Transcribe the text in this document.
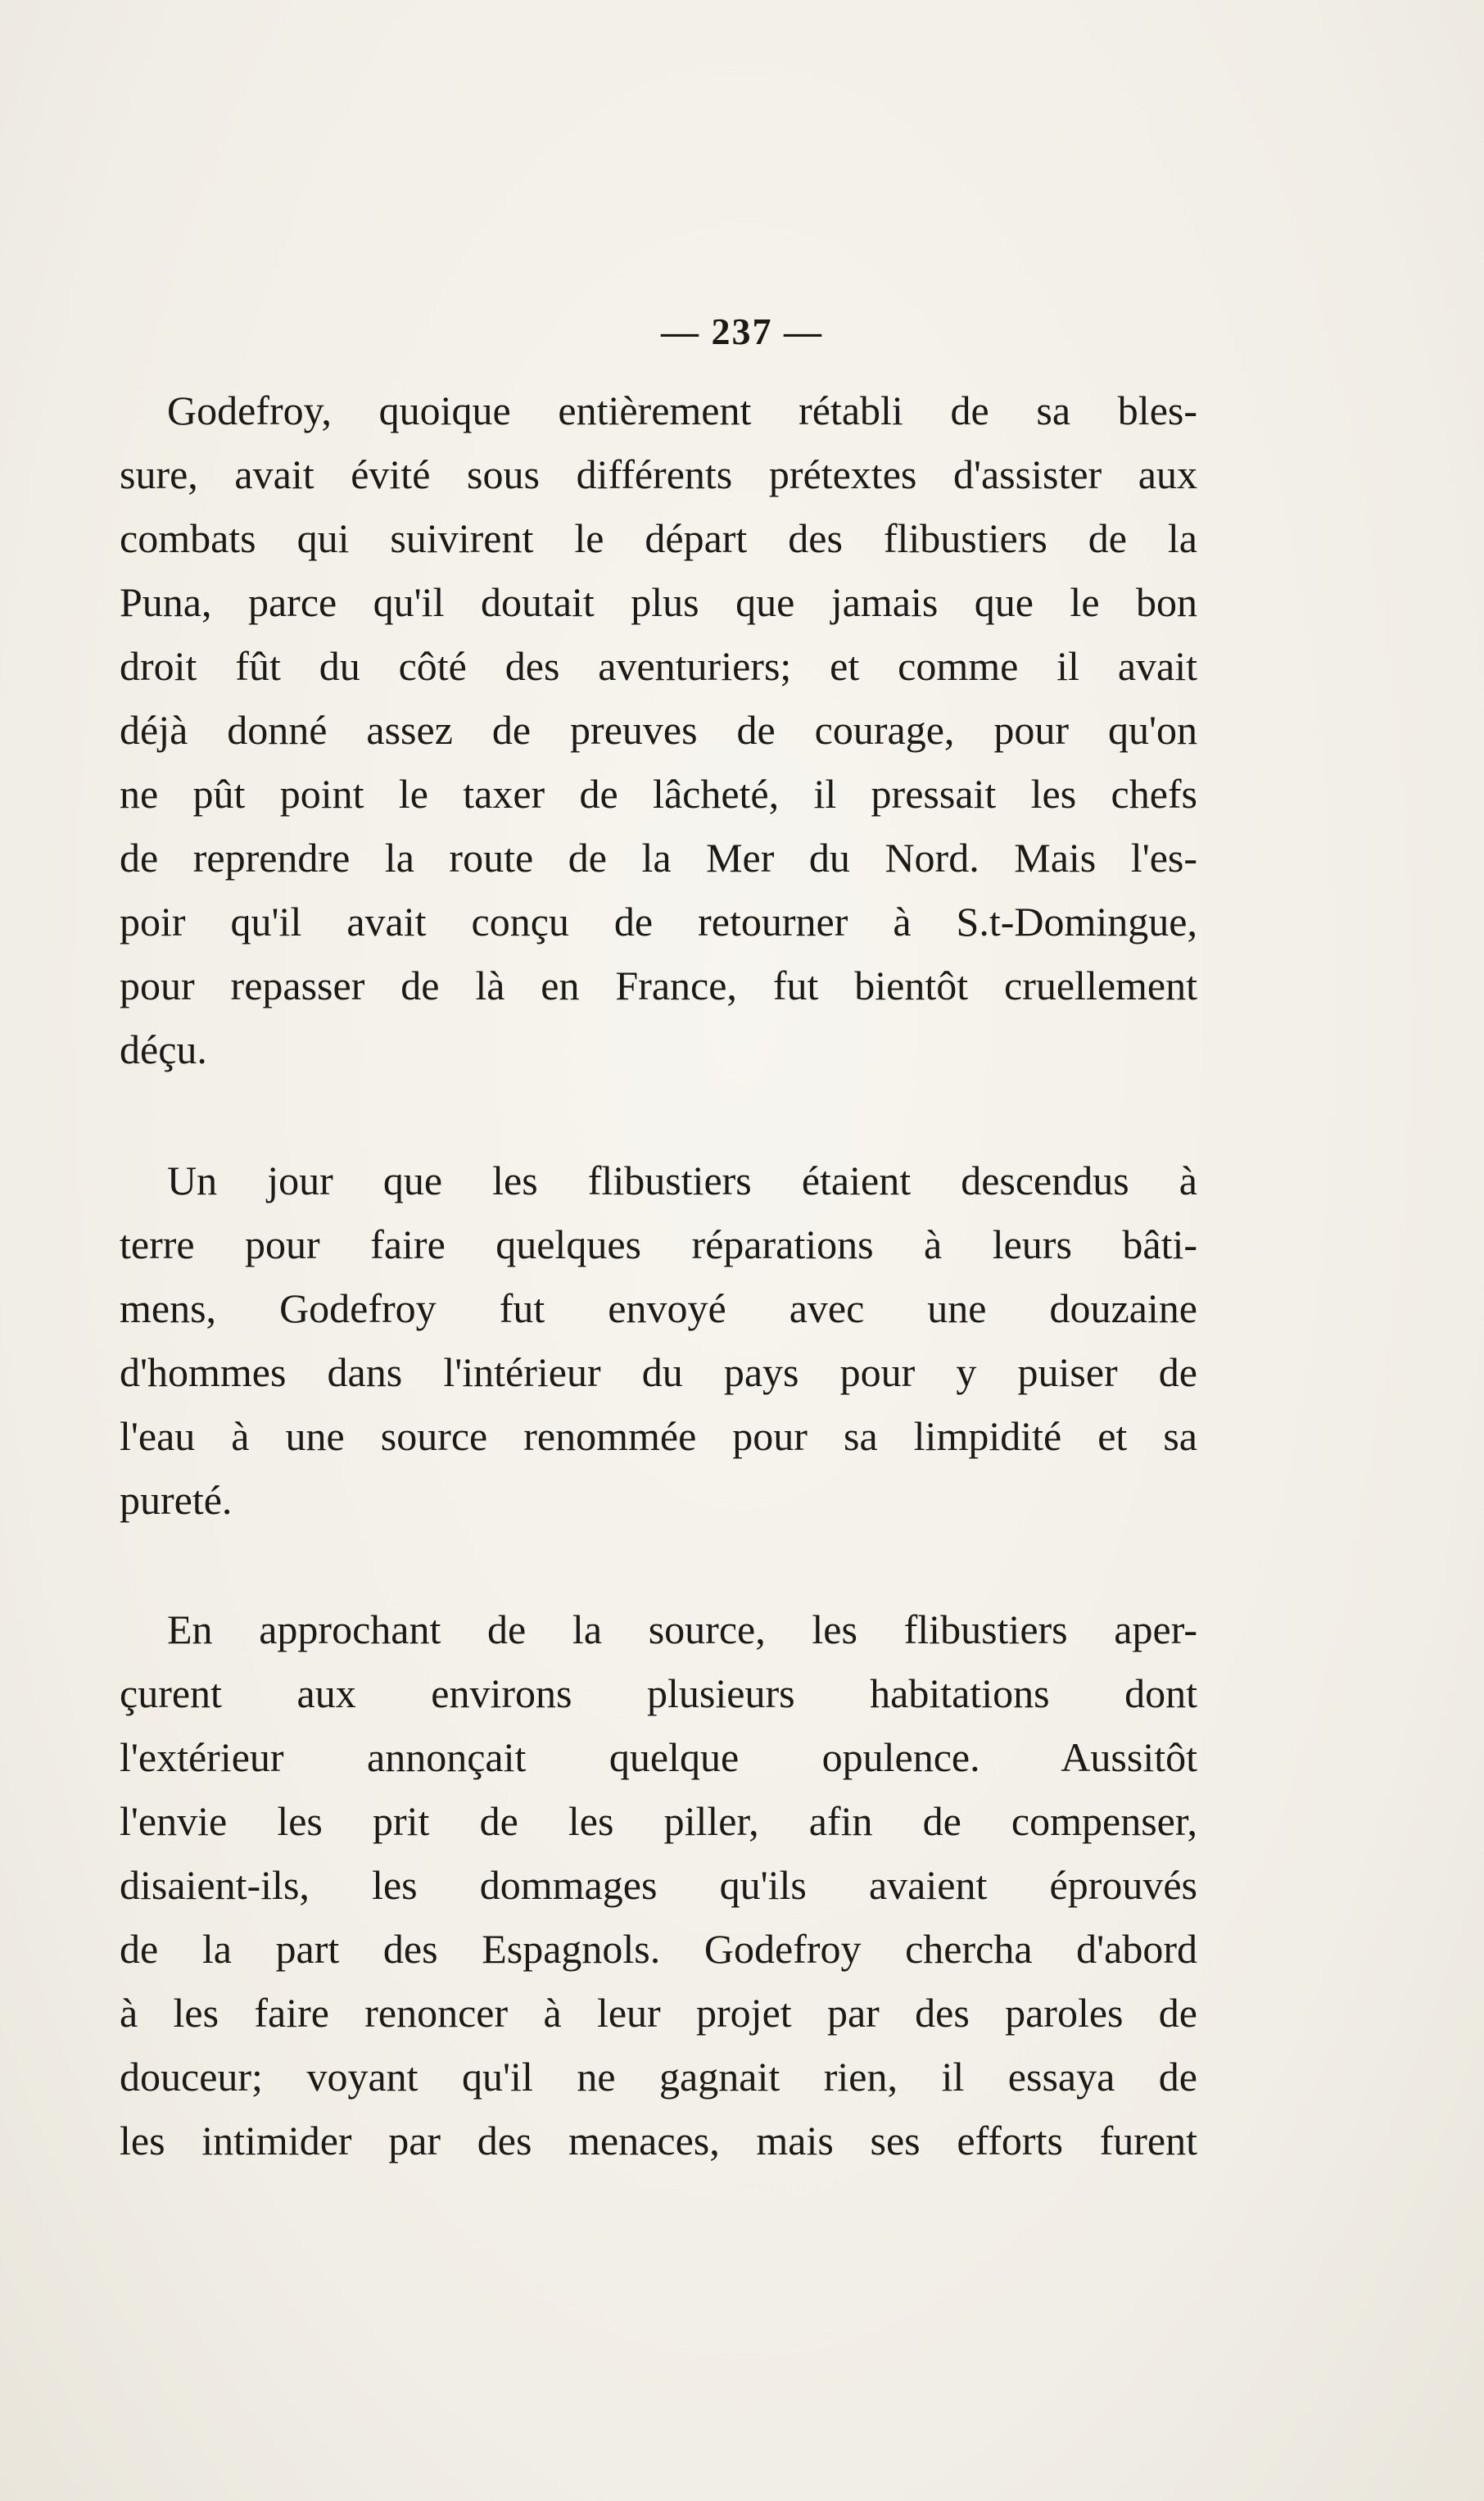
— 237 —
Godefroy, quoique entièrement rétabli de sa bles-
sure, avait évité sous différents prétextes d'assister aux
combats qui suivirent le départ des flibustiers de la
Puna, parce qu'il doutait plus que jamais que le bon
droit fût du côté des aventuriers; et comme il avait
déjà donné assez de preuves de courage, pour qu'on
ne pût point le taxer de lâcheté, il pressait les chefs
de reprendre la route de la Mer du Nord. Mais l'es-
poir qu'il avait conçu de retourner à S.t-Domingue,
pour repasser de là en France, fut bientôt cruellement
déçu.
Un jour que les flibustiers étaient descendus à
terre pour faire quelques réparations à leurs bâti-
mens, Godefroy fut envoyé avec une douzaine
d'hommes dans l'intérieur du pays pour y puiser de
l'eau à une source renommée pour sa limpidité et sa
pureté.
En approchant de la source, les flibustiers aper-
çurent aux environs plusieurs habitations dont
l'extérieur annonçait quelque opulence. Aussitôt
l'envie les prit de les piller, afin de compenser,
disaient-ils, les dommages qu'ils avaient éprouvés
de la part des Espagnols. Godefroy chercha d'abord
à les faire renoncer à leur projet par des paroles de
douceur; voyant qu'il ne gagnait rien, il essaya de
les intimider par des menaces, mais ses efforts furent
